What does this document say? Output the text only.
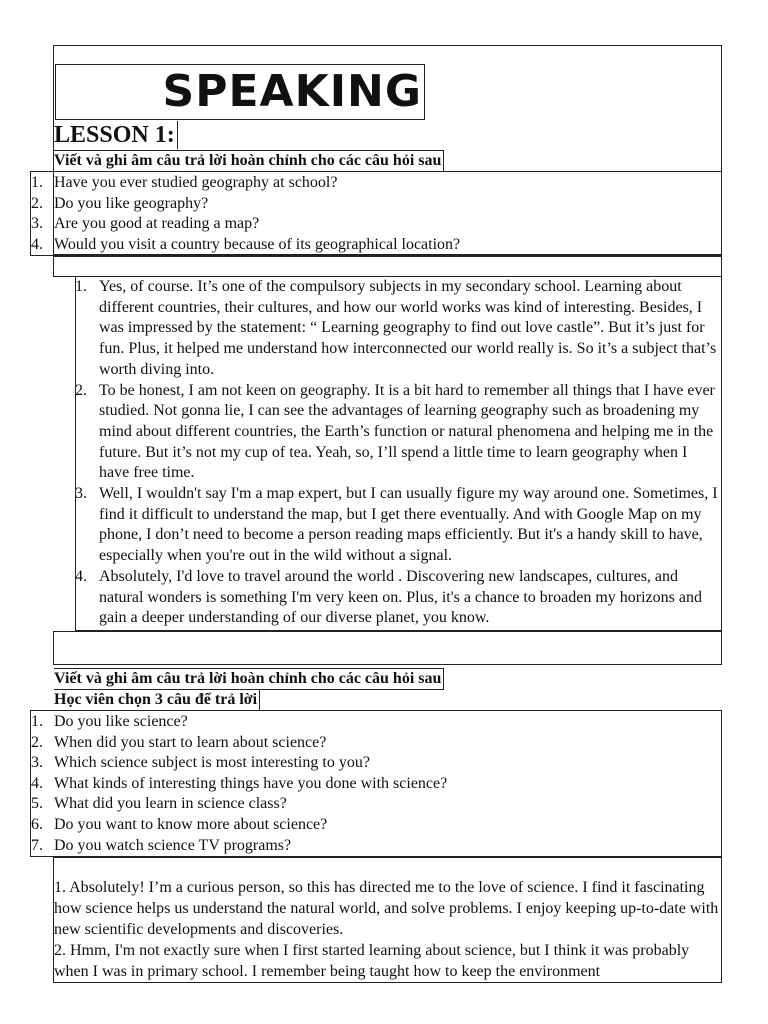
SPEAKING
LESSON 1:
Viết và ghi âm câu trả lời hoàn chỉnh cho các câu hỏi sau
1. Have you ever studied geography at school?
2. Do you like geography?
3. Are you good at reading a map?
4. Would you visit a country because of its geographical location?
1. Yes, of course. It’s one of the compulsory subjects in my secondary school. Learning about different countries, their cultures, and how our world works was kind of interesting. Besides, I was impressed by the statement: “ Learning geography to find out love castle”. But it’s just for fun. Plus, it helped me understand how interconnected our world really is. So it’s a subject that’s worth diving into.
2. To be honest, I am not keen on geography. It is a bit hard to remember all things that I have ever studied. Not gonna lie, I can see the advantages of learning geography such as broadening my mind about different countries, the Earth’s function or natural phenomena and helping me in the future. But it’s not my cup of tea. Yeah, so, I’ll spend a little time to learn geography when I have free time.
3. Well, I wouldn't say I'm a map expert, but I can usually figure my way around one. Sometimes, I find it difficult to understand the map, but I get there eventually. And with Google Map on my phone, I don’t need to become a person reading maps efficiently. But it's a handy skill to have, especially when you're out in the wild without a signal.
4. Absolutely, I'd love to travel around the world . Discovering new landscapes, cultures, and natural wonders is something I'm very keen on. Plus, it's a chance to broaden my horizons and gain a deeper understanding of our diverse planet, you know.
Viết và ghi âm câu trả lời hoàn chỉnh cho các câu hỏi sau
Học viên chọn 3 câu để trả lời
1. Do you like science?
2. When did you start to learn about science?
3. Which science subject is most interesting to you?
4. What kinds of interesting things have you done with science?
5. What did you learn in science class?
6. Do you want to know more about science?
7. Do you watch science TV programs?
1. Absolutely! I’m a curious person, so this has directed me to the love of science. I find it fascinating how science helps us understand the natural world, and solve problems. I enjoy keeping up-to-date with new scientific developments and discoveries.
2. Hmm, I'm not exactly sure when I first started learning about science, but I think it was probably when I was in primary school. I remember being taught how to keep the environment
